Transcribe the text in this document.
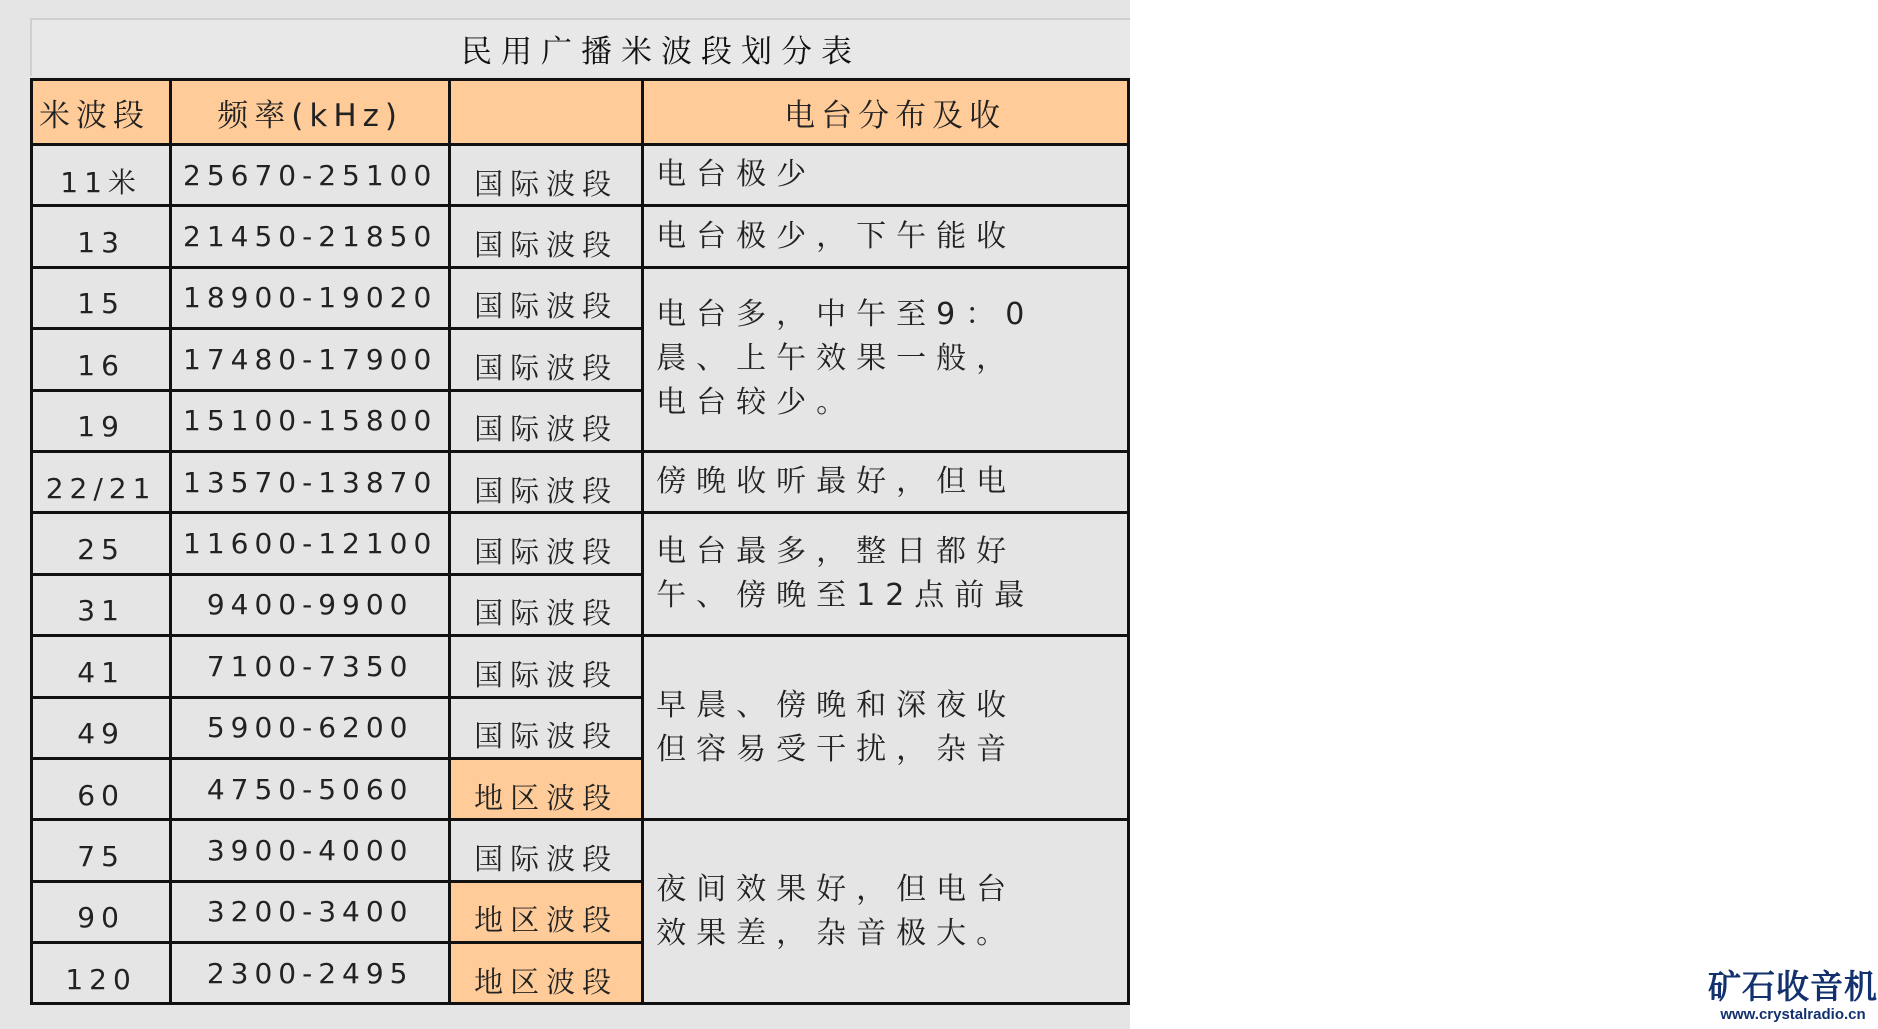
民用广播米波段划分表
米波段	频率(kHz)		电台分布及收
11米	25670-25100	国际波段	电台极少
13	21450-21850	国际波段	电台极少，下午能收
15	18900-19020	国际波段	电台多，中午至9：0
晨、上午效果一般，
电台较少。
16	17480-17900	国际波段	
19	15100-15800	国际波段	
22/21	13570-13870	国际波段	傍晚收听最好，但电
25	11600-12100	国际波段	电台最多，整日都好
午、傍晚至12点前最
31	9400-9900	国际波段	
41	7100-7350	国际波段	早晨、傍晚和深夜收
但容易受干扰，杂音
49	5900-6200	国际波段	
60	4750-5060	地区波段	
75	3900-4000	国际波段	夜间效果好，但电台
效果差，杂音极大。
90	3200-3400	地区波段	
120	2300-2495	地区波段		矿石收音机
www.crystalradio.cn
